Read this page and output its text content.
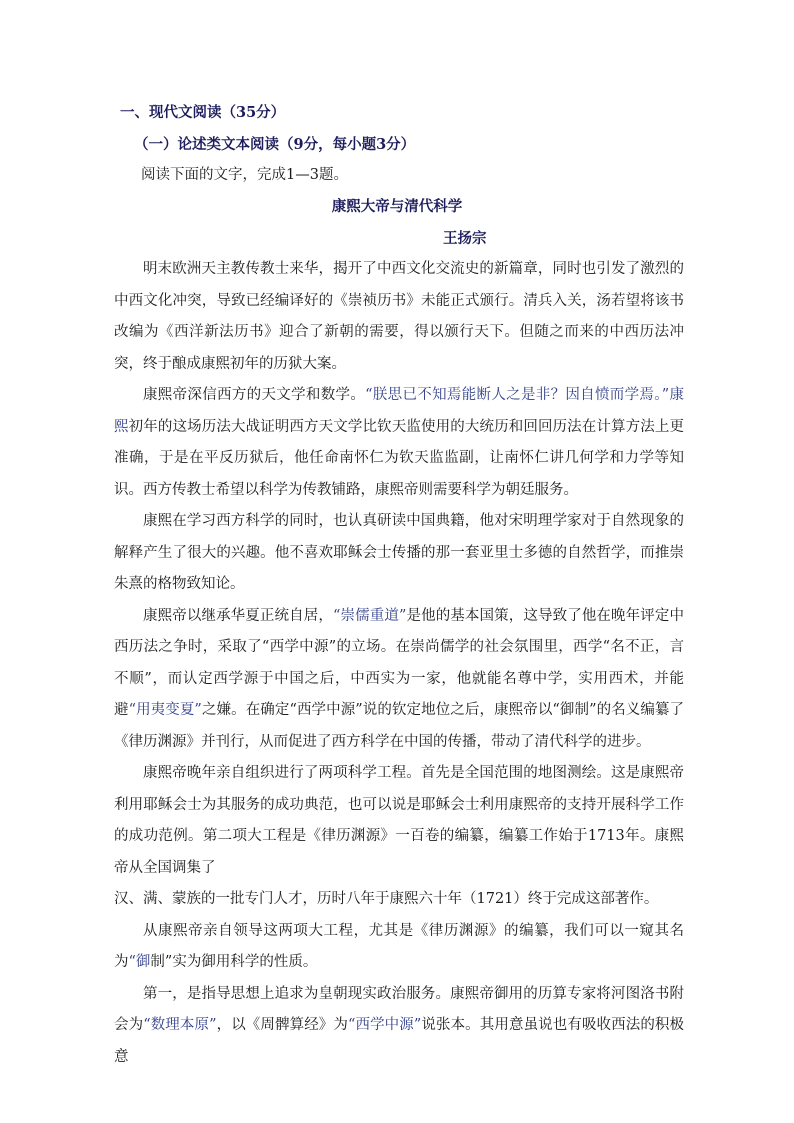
一、现代文阅读（35分）
（一）论述类文本阅读（9分，每小题3分）

阅读下面的文字，完成1—3题。

康熙大帝与清代科学
王扬宗

明末欧洲天主教传教士来华，揭开了中西文化交流史的新篇章，同时也引发了激烈的中西文化冲突，导致已经编译好的《崇祯历书》未能正式颁行。清兵入关，汤若望将该书改编为《西洋新法历书》迎合了新朝的需要，得以颁行天下。但随之而来的中西历法冲突，终于酿成康熙初年的历狱大案。

康熙帝深信西方的天文学和数学。“朕思已不知焉能断人之是非？因自愤而学焉。”康熙初年的这场历法大战证明西方天文学比钦天监使用的大统历和回回历法在计算方法上更准确，于是在平反历狱后，他任命南怀仁为钦天监监副，让南怀仁讲几何学和力学等知识。西方传教士希望以科学为传教铺路，康熙帝则需要科学为朝廷服务。

康熙在学习西方科学的同时，也认真研读中国典籍，他对宋明理学家对于自然现象的解释产生了很大的兴趣。他不喜欢耶稣会士传播的那一套亚里士多德的自然哲学，而推崇朱熹的格物致知论。

康熙帝以继承华夏正统自居，“崇儒重道”是他的基本国策，这导致了他在晚年评定中西历法之争时，采取了“西学中源”的立场。在崇尚儒学的社会氛围里，西学“名不正，言不顺”，而认定西学源于中国之后，中西实为一家，他就能名尊中学，实用西术，并能避“用夷变夏”之嫌。在确定“西学中源”说的钦定地位之后，康熙帝以“御制”的名义编纂了《律历渊源》并刊行，从而促进了西方科学在中国的传播，带动了清代科学的进步。

康熙帝晚年亲自组织进行了两项科学工程。首先是全国范围的地图测绘。这是康熙帝利用耶稣会士为其服务的成功典范，也可以说是耶稣会士利用康熙帝的支持开展科学工作的成功范例。第二项大工程是《律历渊源》一百卷的编纂，编纂工作始于1713年。康熙帝从全国调集了

汉、满、蒙族的一批专门人才，历时八年于康熙六十年（1721）终于完成这部著作。

从康熙帝亲自领导这两项大工程，尤其是《律历渊源》的编纂，我们可以一窥其名为“御制”实为御用科学的性质。

第一，是指导思想上追求为皇朝现实政治服务。康熙帝御用的历算专家将河图洛书附会为“数理本原”，以《周髀算经》为“西学中源”说张本。其用意虽说也有吸收西法的积极意
